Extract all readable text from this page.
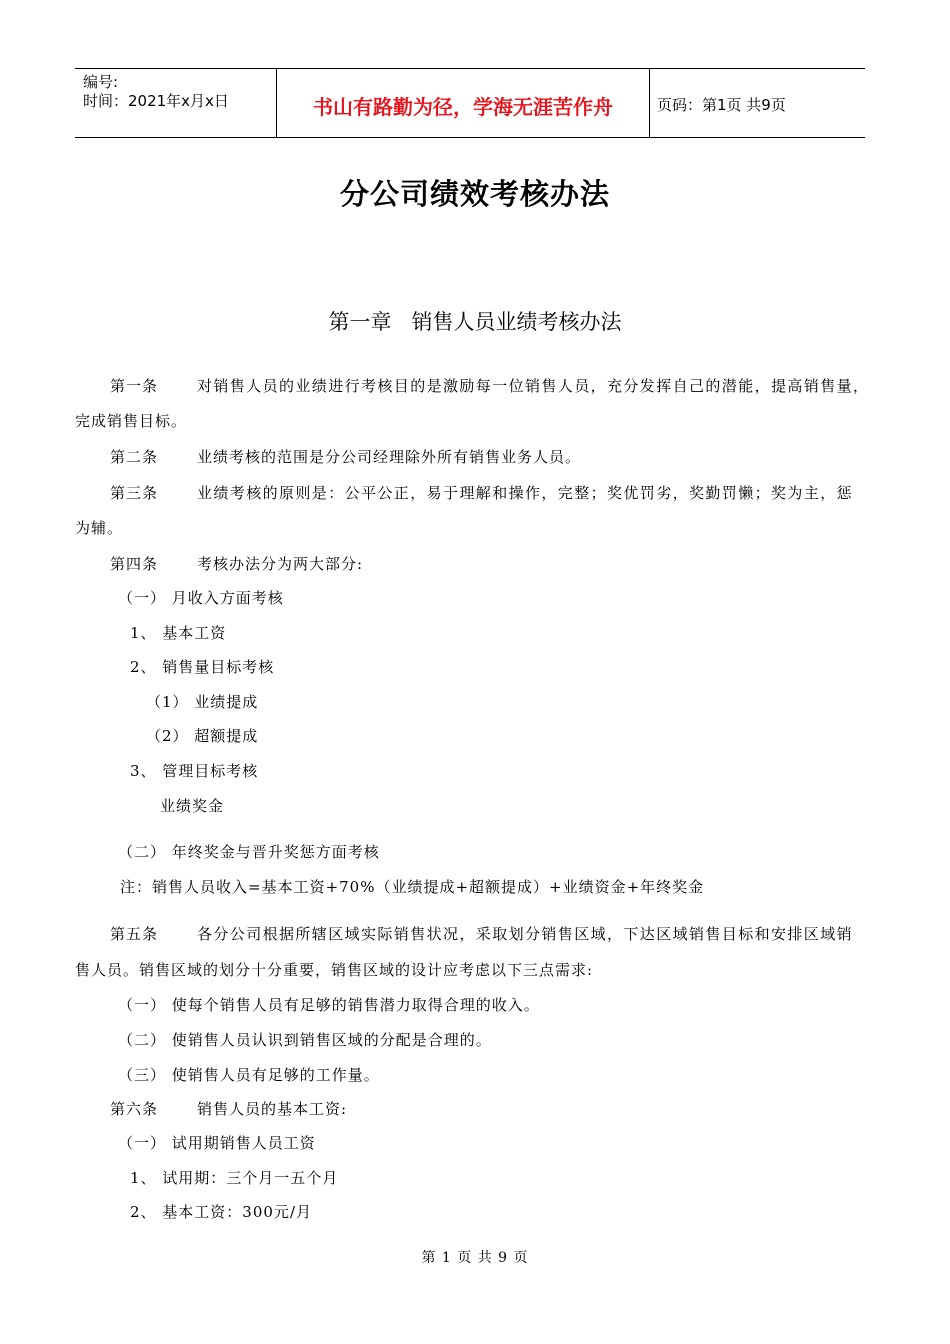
编号:
时间：2021年x月x日	书山有路勤为径，学海无涯苦作舟	页码：第1页 共9页
分公司绩效考核办法
第一章   销售人员业绩考核办法
第一条	对销售人员的业绩进行考核目的是激励每一位销售人员，充分发挥自己的潜能，提高销售量，
完成销售目标。
第二条	业绩考核的范围是分公司经理除外所有销售业务人员。
第三条	业绩考核的原则是：公平公正，易于理解和操作，完整；奖优罚劣，奖勤罚懒；奖为主，惩
为辅。
第四条	考核办法分为两大部分:
（一） 月收入方面考核
1、 基本工资
2、 销售量目标考核
（1） 业绩提成
（2） 超额提成
3、 管理目标考核
业绩奖金
（二） 年终奖金与晋升奖惩方面考核
注：销售人员收入=基本工资+70%（业绩提成+超额提成）+业绩资金+年终奖金
第五条	各分公司根据所辖区域实际销售状况，采取划分销售区域，下达区域销售目标和安排区域销
售人员。销售区域的划分十分重要，销售区域的设计应考虑以下三点需求:
（一） 使每个销售人员有足够的销售潜力取得合理的收入。
（二） 使销售人员认识到销售区域的分配是合理的。
（三） 使销售人员有足够的工作量。
第六条	销售人员的基本工资:
（一） 试用期销售人员工资
1、 试用期：三个月一五个月
2、 基本工资：300元/月
第 1 页 共 9 页
